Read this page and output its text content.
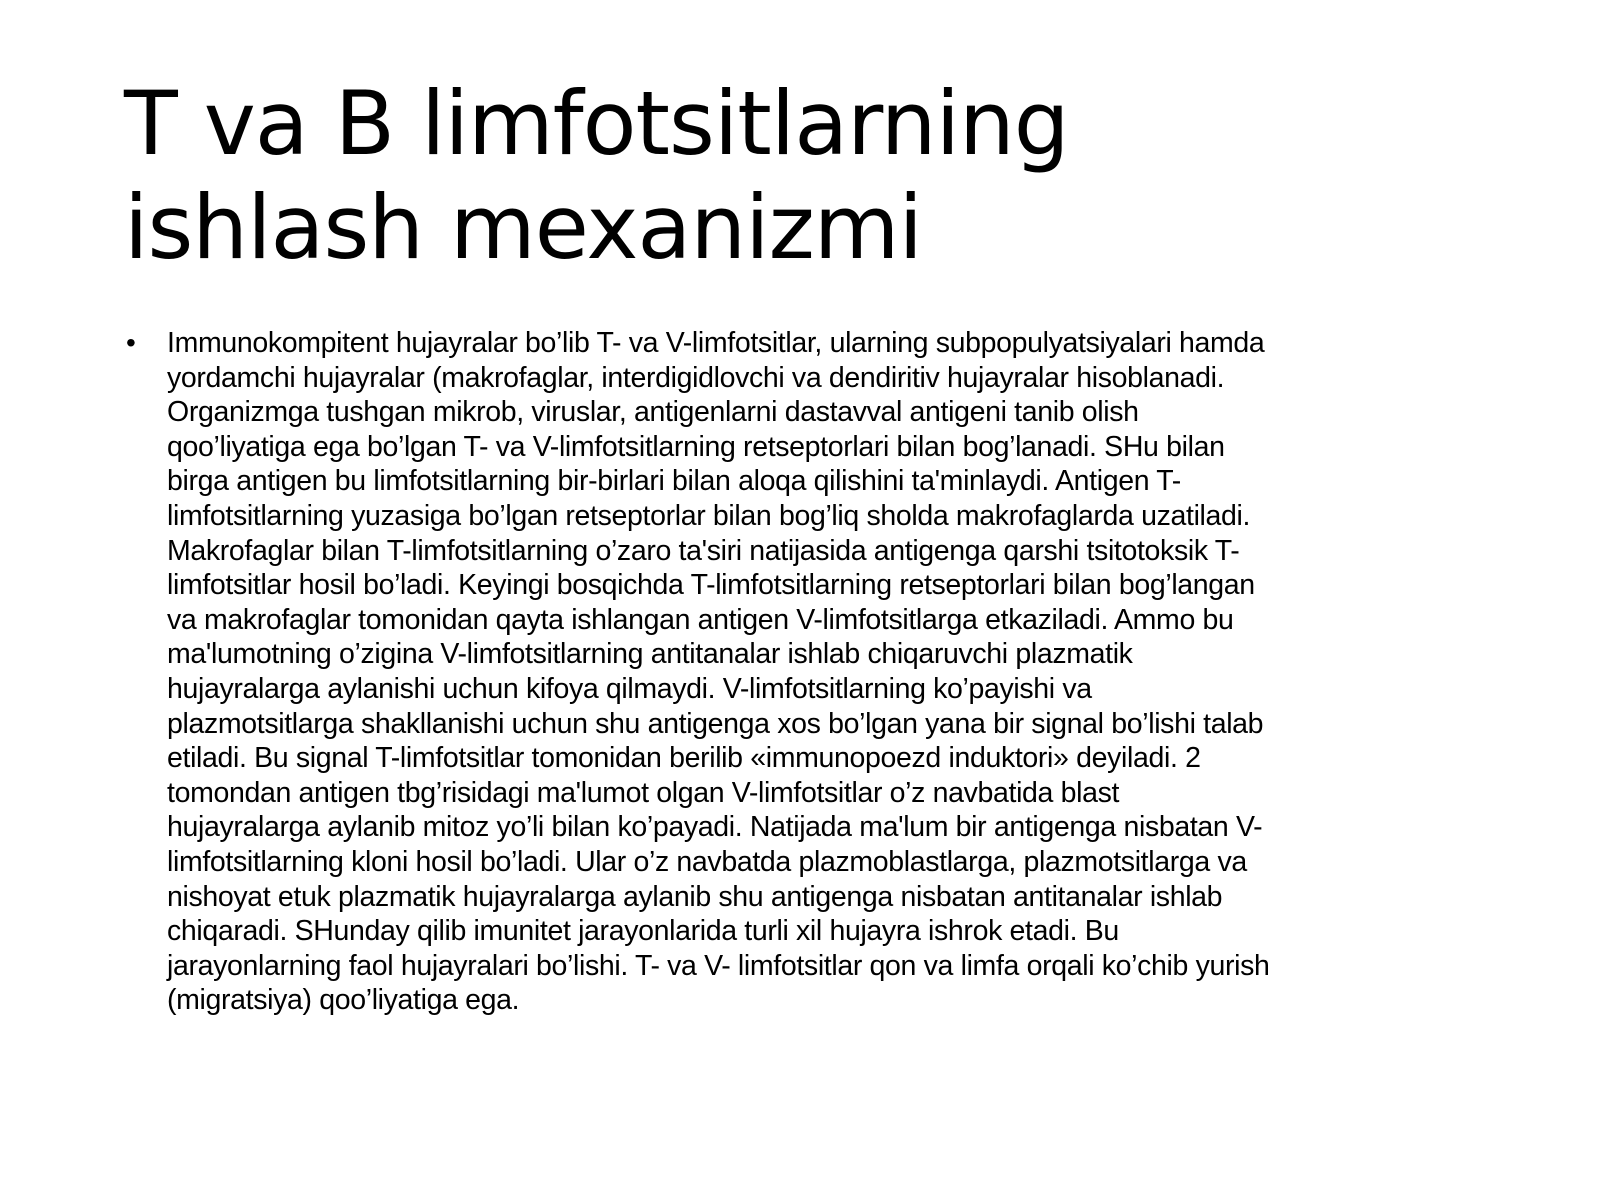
T va B limfotsitlarning
ishlash mexanizmi
• Immunokompitent hujayralar bo’lib T- va V-limfotsitlar, ularning subpopulyatsiyalari hamda
yordamchi hujayralar (makrofaglar, interdigidlovchi va dendiritiv hujayralar hisoblanadi.
Organizmga tushgan mikrob, viruslar, antigenlarni dastavval antigeni tanib olish
qoo’liyatiga ega bo’lgan T- va V-limfotsitlarning retseptorlari bilan bog’lanadi. SHu bilan
birga antigen bu limfotsitlarning bir-birlari bilan aloqa qilishini ta'minlaydi. Antigen T-
limfotsitlarning yuzasiga bo’lgan retseptorlar bilan bog’liq sholda makrofaglarda uzatiladi.
Makrofaglar bilan T-limfotsitlarning o’zaro ta'siri natijasida antigenga qarshi tsitotoksik T-
limfotsitlar hosil bo’ladi. Keyingi bosqichda T-limfotsitlarning retseptorlari bilan bog’langan
va makrofaglar tomonidan qayta ishlangan antigen V-limfotsitlarga etkaziladi. Ammo bu
ma'lumotning o’zigina V-limfotsitlarning antitanalar ishlab chiqaruvchi plazmatik
hujayralarga aylanishi uchun kifoya qilmaydi. V-limfotsitlarning ko’payishi va
plazmotsitlarga shakllanishi uchun shu antigenga xos bo’lgan yana bir signal bo’lishi talab
etiladi. Bu signal T-limfotsitlar tomonidan berilib «immunopoezd induktori» deyiladi. 2
tomondan antigen tbg’risidagi ma'lumot olgan V-limfotsitlar o’z navbatida blast
hujayralarga aylanib mitoz yo’li bilan ko’payadi. Natijada ma'lum bir antigenga nisbatan V-
limfotsitlarning kloni hosil bo’ladi. Ular o’z navbatda plazmoblastlarga, plazmotsitlarga va
nishoyat etuk plazmatik hujayralarga aylanib shu antigenga nisbatan antitanalar ishlab
chiqaradi. SHunday qilib imunitet jarayonlarida turli xil hujayra ishrok etadi. Bu
jarayonlarning faol hujayralari bo’lishi. T- va V- limfotsitlar qon va limfa orqali ko’chib yurish
(migratsiya) qoo’liyatiga ega.
